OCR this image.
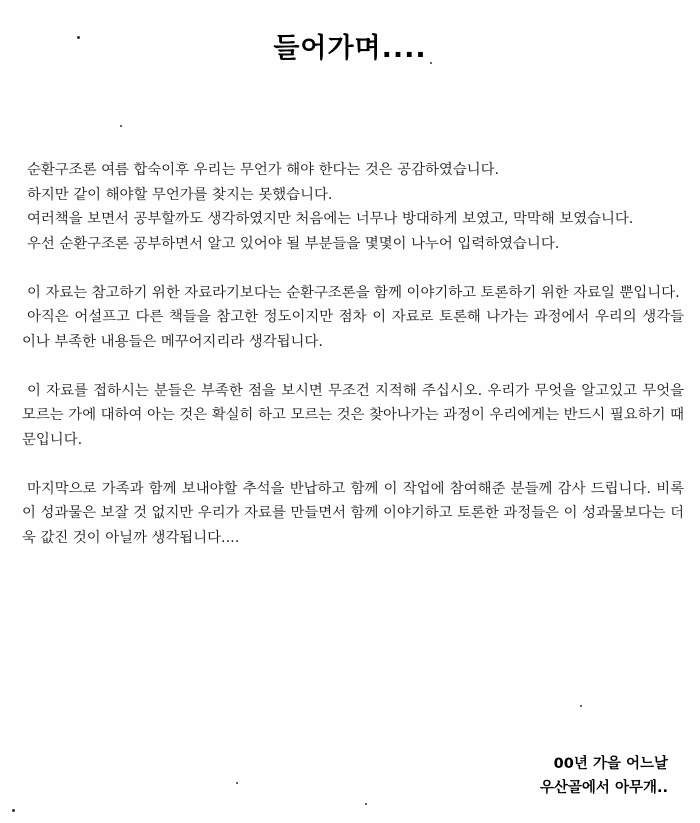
들어가며....

순환구조론 여름 합숙이후 우리는 무언가 해야 한다는 것은 공감하였습니다.

하지만 같이 해야할 무언가를 찾지는 못했습니다.

여러책을 보면서 공부할까도 생각하였지만 처음에는 너무나 방대하게 보였고, 막막해 보였습니다.

우선 순환구조론 공부하면서 알고 있어야 될 부분들을 몇몇이 나누어 입력하였습니다.

이 자료는 참고하기 위한 자료라기보다는 순환구조론을 함께 이야기하고 토론하기 위한 자료일 뿐입니다.

아직은 어설프고 다른 책들을 참고한 정도이지만 점차 이 자료로 토론해 나가는 과정에서 우리의 생각들이나 부족한 내용들은 메꾸어지리라 생각됩니다.

이 자료를 접하시는 분들은 부족한 점을 보시면 무조건 지적해 주십시오. 우리가 무엇을 알고있고 무엇을 모르는 가에 대하여 아는 것은 확실히 하고 모르는 것은 찾아나가는 과정이 우리에게는 반드시 필요하기 때문입니다.

마지막으로 가족과 함께 보내야할 추석을 반납하고 함께 이 작업에 참여해준 분들께 감사 드립니다. 비록 이 성과물은 보잘 것 없지만 우리가 자료를 만들면서 함께 이야기하고 토론한 과정들은 이 성과물보다는 더욱 값진 것이 아닐까 생각됩니다....

00년 가을 어느날
우산골에서 아무개..
